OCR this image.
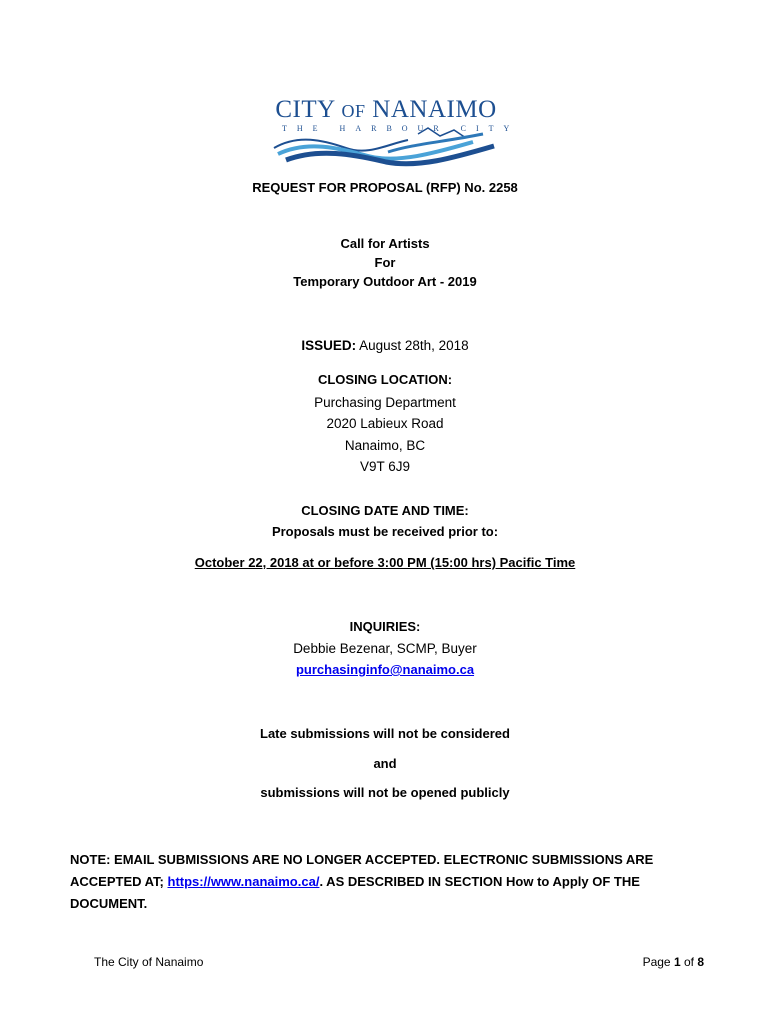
CITY OF NANAIMO
THE HARBOUR CITY
REQUEST FOR PROPOSAL (RFP) No. 2258
Call for Artists
For
Temporary Outdoor Art - 2019
ISSUED: August 28th, 2018
CLOSING LOCATION:
Purchasing Department
2020 Labieux Road
Nanaimo, BC
V9T 6J9
CLOSING DATE AND TIME:
Proposals must be received prior to:
October 22, 2018 at or before 3:00 PM (15:00 hrs) Pacific Time
INQUIRIES:
Debbie Bezenar, SCMP, Buyer
purchasinginfo@nanaimo.ca
Late submissions will not be considered
and
submissions will not be opened publicly
NOTE: EMAIL SUBMISSIONS ARE NO LONGER ACCEPTED. ELECTRONIC SUBMISSIONS ARE ACCEPTED AT; https://www.nanaimo.ca/. AS DESCRIBED IN SECTION How to Apply OF THE DOCUMENT.
The City of Nanaimo	Page 1 of 8
